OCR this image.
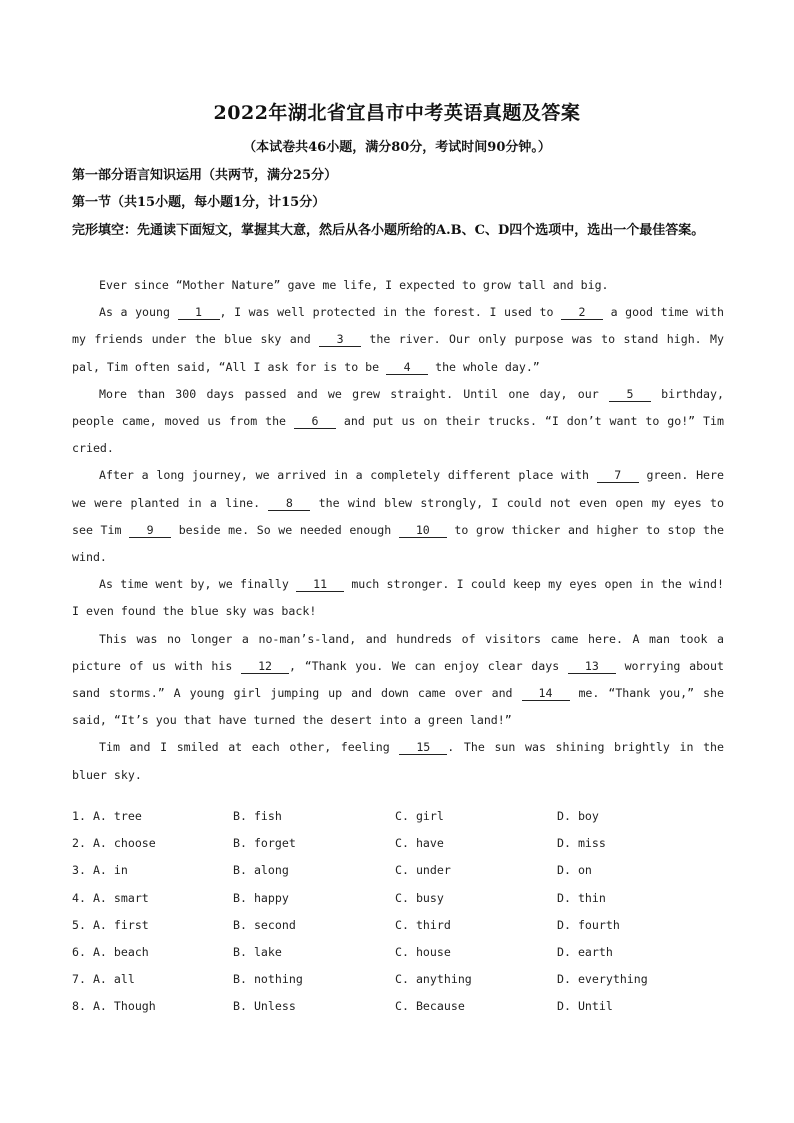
2022年湖北省宜昌市中考英语真题及答案
（本试卷共46小题，满分80分，考试时间90分钟。）
第一部分语言知识运用（共两节，满分25分）
第一节（共15小题，每小题1分，计15分）
完形填空：先通读下面短文，掌握其大意，然后从各小题所给的A.B、C、D四个选项中，选出一个最佳答案。

Ever since “Mother Nature” gave me life, I expected to grow tall and big.

As a young 1 , I was well protected in the forest. I used to 2 a good time with my friends under the blue sky and 3 the river. Our only purpose was to stand high. My pal, Tim often said, “All I ask for is to be 4 the whole day.”

More than 300 days passed and we grew straight. Until one day, our 5 birthday, people came, moved us from the 6 and put us on their trucks. “I don’t want to go!” Tim cried.

After a long journey, we arrived in a completely different place with 7 green. Here we were planted in a line. 8 the wind blew strongly, I could not even open my eyes to see Tim 9 beside me. So we needed enough 10 to grow thicker and higher to stop the wind.

As time went by, we finally 11 much stronger. I could keep my eyes open in the wind! I even found the blue sky was back!

This was no longer a no-man’s-land, and hundreds of visitors came here. A man took a picture of us with his 12 , “Thank you. We can enjoy clear days 13 worrying about sand storms.” A young girl jumping up and down came over and 14 me. “Thank you,” she said, “It’s you that have turned the desert into a green land!”

Tim and I smiled at each other, feeling 15 . The sun was shining brightly in the bluer sky.

1. A. tree	B. fish	C. girl	D. boy
2. A. choose	B. forget	C. have	D. miss
3. A. in	B. along	C. under	D. on
4. A. smart	B. happy	C. busy	D. thin
5. A. first	B. second	C. third	D. fourth
6. A. beach	B. lake	C. house	D. earth
7. A. all	B. nothing	C. anything	D. everything
8. A. Though	B. Unless	C. Because	D. Until
